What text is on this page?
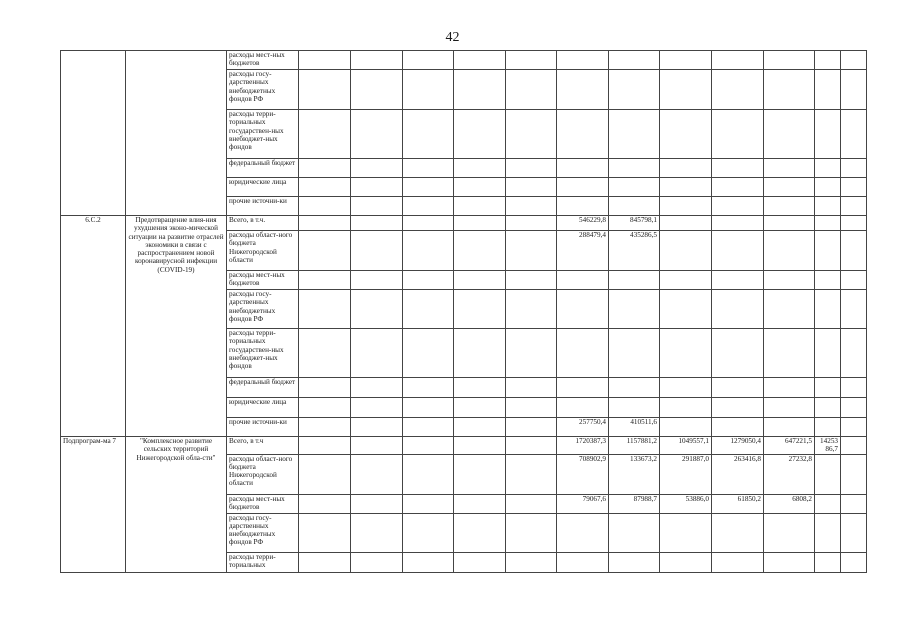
42
		расходы мест-ных бюджетов												
		расходы госу-дарственных внебюджетных фондов РФ												
		расходы терри-ториальных государствен-ных внебюджет-ных фондов												
		федеральный бюджет												
		юридические лица												
		прочие источни-ки												
6.С.2	Предотвращение влия-ния ухудшения эконо-мической ситуации на развитие отраслей экономики в связи с распространением новой коронавирусной инфекции (COVID-19)	Всего, в т.ч.						546229,8	845798,1					
		расходы област-ного бюджета Нижегородской области						288479,4	435286,5					
		расходы мест-ных бюджетов												
		расходы госу-дарственных внебюджетных фондов РФ												
		расходы терри-ториальных государствен-ных внебюджет-ных фондов												
		федеральный бюджет												
		юридические лица												
		прочие источни-ки						257750,4	410511,6					
Подпрограм-ма 7	"Комплексное развитие сельских территорий Нижегородской обла-сти"	Всего, в т.ч						1720387,3	1157881,2	1049557,1	1279050,4	647221,5	1425386,7	
		расходы област-ного бюджета Нижегородской области						708902,9	133673,2	291887,0	263416,8	27232,8		
		расходы мест-ных бюджетов						79067,6	87988,7	53886,0	61850,2	6808,2		
		расходы госу-дарственных внебюджетных фондов РФ												
		расходы терри-ториальных												
